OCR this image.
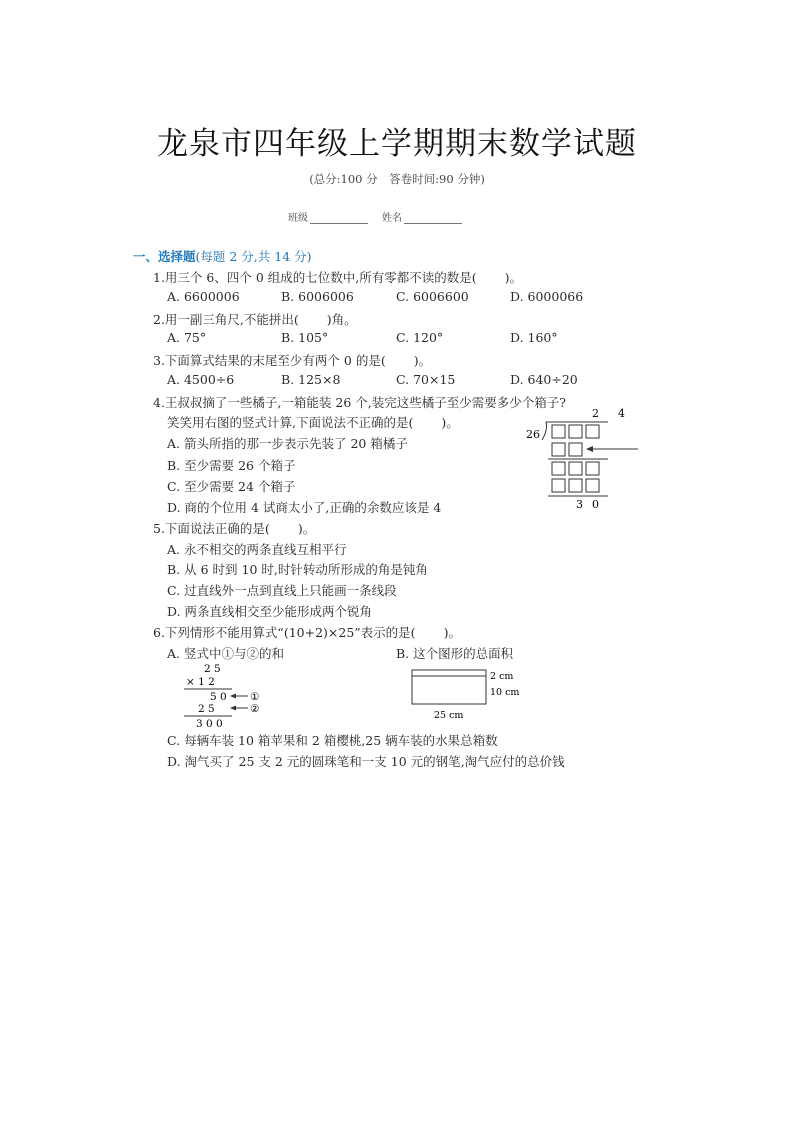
龙泉市四年级上学期期末数学试题
(总分:100 分　答卷时间:90 分钟)
班级	姓名
一、选择题(每题 2 分,共 14 分)
1.用三个 6、四个 0 组成的七位数中,所有零都不读的数是( )。
A. 6600006	B. 6006006	C. 6006600	D. 6000066
2.用一副三角尺,不能拼出( )角。
A. 75°	B. 105°	C. 120°	D. 160°
3.下面算式结果的末尾至少有两个 0 的是( )。
A. 4500÷6	B. 125×8	C. 70×15	D. 640÷20
4.王叔叔摘了一些橘子,一箱能装 26 个,装完这些橘子至少需要多少个箱子?
笑笑用右图的竖式计算,下面说法不正确的是( )。
A. 箭头所指的那一步表示先装了 20 箱橘子
B. 至少需要 26 个箱子
C. 至少需要 24 个箱子
D. 商的个位用 4 试商太小了,正确的余数应该是 4
2 4
26
3 0
5.下面说法正确的是( )。
A. 永不相交的两条直线互相平行
B. 从 6 时到 10 时,时针转动所形成的角是钝角
C. 过直线外一点到直线上只能画一条线段
D. 两条直线相交至少能形成两个锐角
6.下列情形不能用算式“(10+2)×25”表示的是( )。
A. 竖式中①与②的和	B. 这个图形的总面积
2 5
× 1 2
5 0 ①
2 5	②
3 0 0
2 cm
10 cm
25 cm
C. 每辆车装 10 箱苹果和 2 箱樱桃,25 辆车装的水果总箱数
D. 淘气买了 25 支 2 元的圆珠笔和一支 10 元的钢笔,淘气应付的总价钱
